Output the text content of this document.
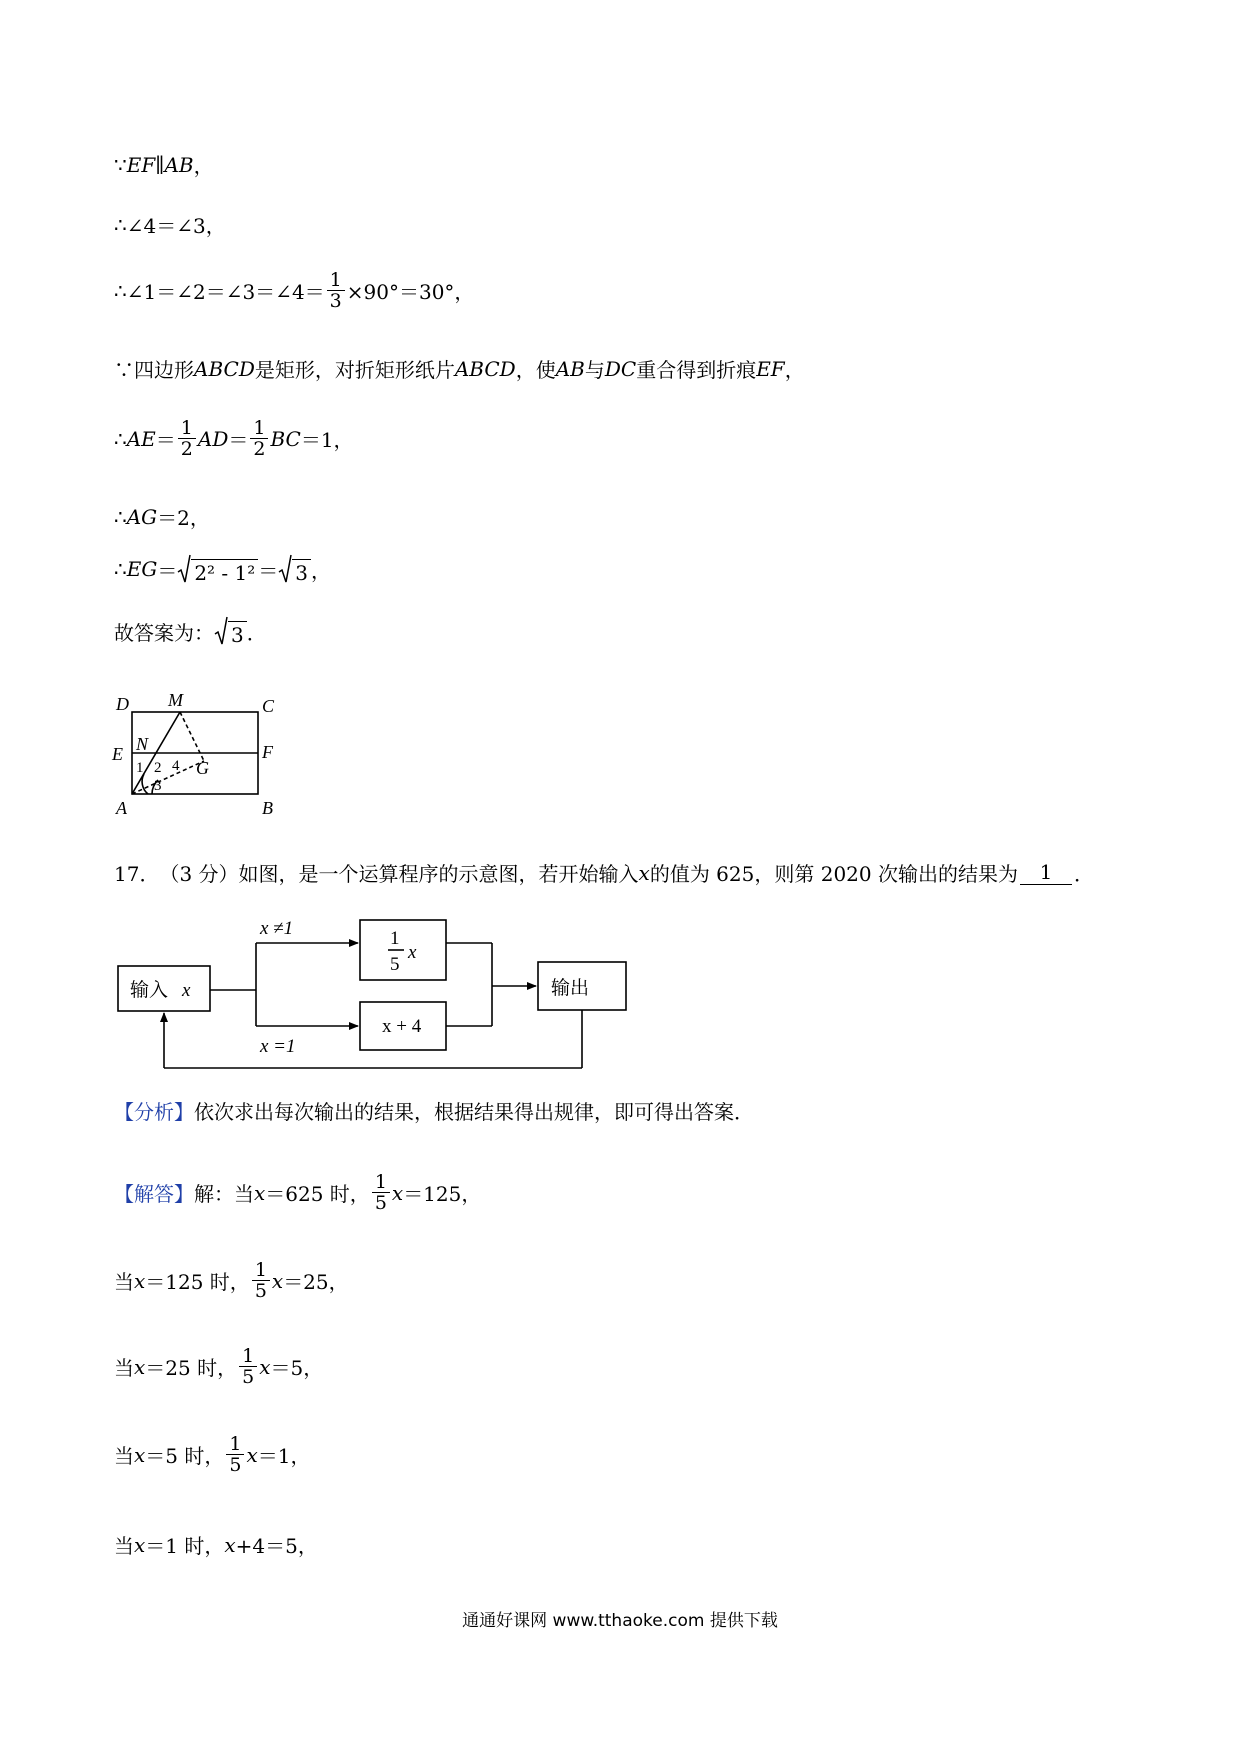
∵ EF∥AB ，
∴ ∠4＝∠3 ，
∴ ∠1＝∠2＝∠3＝∠4＝ $\frac{1}{3} \times 90^\circ=30^\circ$，
∵四边形 ABCD 是矩形，对折矩形纸片 ABCD ，使 AB 与 DC 重合得到折痕 EF ，
∴ AE ＝ $\frac{1}{2}$ AD ＝ $\frac{1}{2}$ BC ＝1，
∴ AG ＝2，
∴ EG ＝ 2² - 1² ＝ 3 ，
故答案为： 3 ．
D M	C
N
E	F
G
A	B
1 2
3
4
17． （3 分） 如图，是一个运算程序的示意图，若开始输入 x 的值为 625，则第 2020 次输出的结果为	1	．
输入	输出
x
x ≠1
x =1
x
1
5
x + 4
【分析】 依次求出每次输出的结果，根据结果得出规律，即可得出答案．
【解答】 解： 当 x ＝625 时， $\frac{1}{5}$ x ＝125，
当 x ＝125 时， $\frac{1}{5}$ x ＝25，
当 x ＝25 时， $\frac{1}{5}$ x ＝5，
当 x ＝5 时， $\frac{1}{5}$ x ＝1，
当 x ＝1 时， x +4＝5，
通通好课网 www.tthaoke.com 提供下载
